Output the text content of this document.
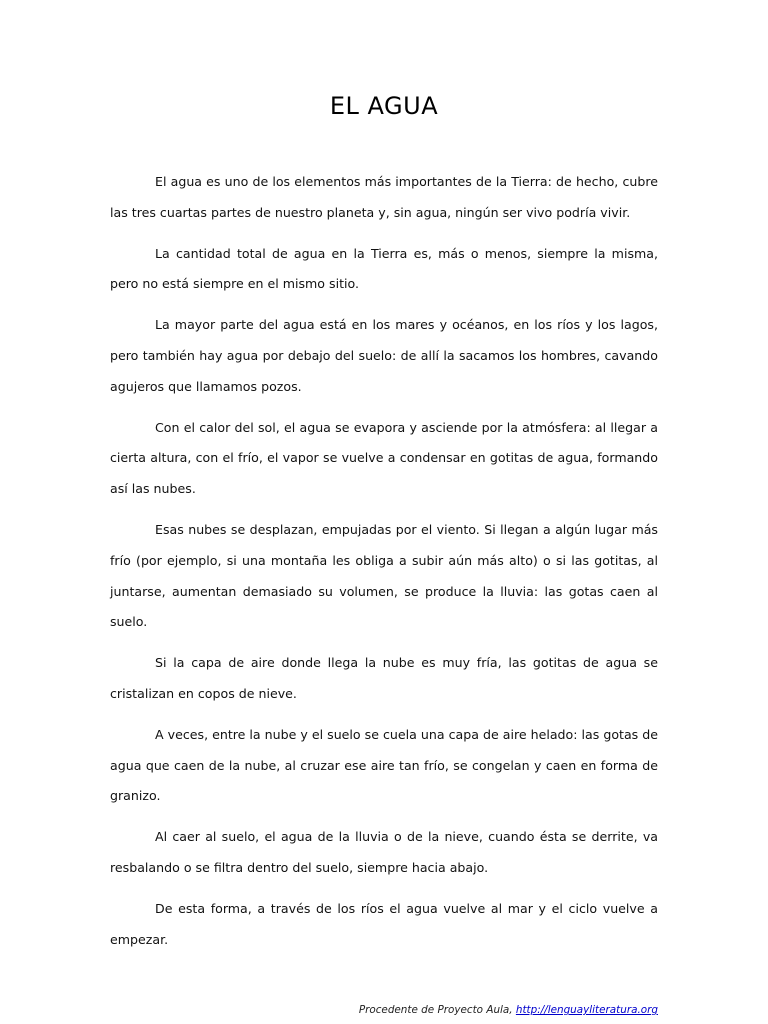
EL AGUA

El agua es uno de los elementos más importantes de la Tierra: de hecho, cubre las tres cuartas partes de nuestro planeta y, sin agua, ningún ser vivo podría vivir.

La cantidad total de agua en la Tierra es, más o menos, siempre la misma, pero no está siempre en el mismo sitio.

La mayor parte del agua está en los mares y océanos, en los ríos y los lagos, pero también hay agua por debajo del suelo: de allí la sacamos los hombres, cavando agujeros que llamamos pozos.

Con el calor del sol, el agua se evapora y asciende por la atmósfera: al llegar a cierta altura, con el frío, el vapor se vuelve a condensar en gotitas de agua, formando así las nubes.

Esas nubes se desplazan, empujadas por el viento. Si llegan a algún lugar más frío (por ejemplo, si una montaña les obliga a subir aún más alto) o si las gotitas, al juntarse, aumentan demasiado su volumen, se produce la lluvia: las gotas caen al suelo.

Si la capa de aire donde llega la nube es muy fría, las gotitas de agua se cristalizan en copos de nieve.

A veces, entre la nube y el suelo se cuela una capa de aire helado: las gotas de agua que caen de la nube, al cruzar ese aire tan frío, se congelan y caen en forma de granizo.

Al caer al suelo, el agua de la lluvia o de la nieve, cuando ésta se derrite, va resbalando o se filtra dentro del suelo, siempre hacia abajo.

De esta forma, a través de los ríos el agua vuelve al mar y el ciclo vuelve a empezar.

Procedente de Proyecto Aula, http://lenguayliteratura.org
